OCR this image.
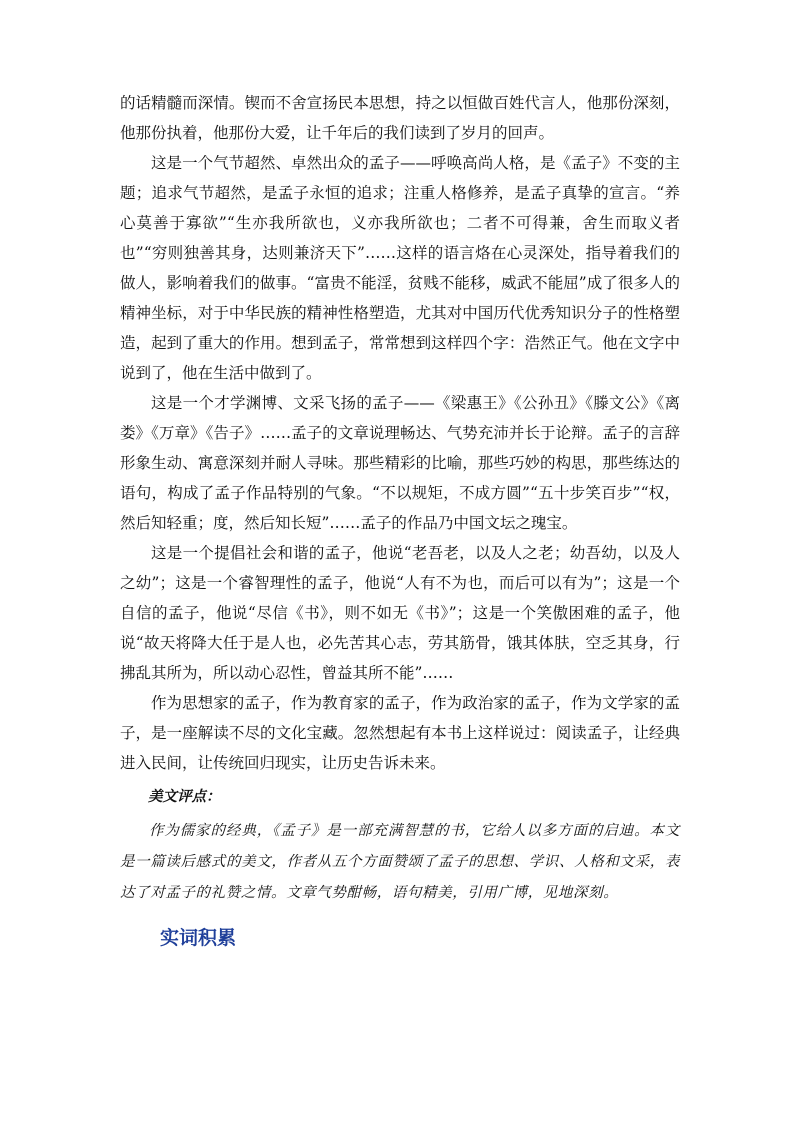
的话精髓而深情。锲而不舍宣扬民本思想，持之以恒做百姓代言人，他那份深刻，他那份执着，他那份大爱，让千年后的我们读到了岁月的回声。

这是一个气节超然、卓然出众的孟子——呼唤高尚人格，是《孟子》不变的主题；追求气节超然，是孟子永恒的追求；注重人格修养，是孟子真挚的宣言。“养心莫善于寡欲”“生亦我所欲也，义亦我所欲也；二者不可得兼，舍生而取义者也”“穷则独善其身，达则兼济天下”……这样的语言烙在心灵深处，指导着我们的做人，影响着我们的做事。“富贵不能淫，贫贱不能移，威武不能屈”成了很多人的精神坐标，对于中华民族的精神性格塑造，尤其对中国历代优秀知识分子的性格塑造，起到了重大的作用。想到孟子，常常想到这样四个字：浩然正气。他在文字中说到了，他在生活中做到了。

这是一个才学渊博、文采飞扬的孟子——《梁惠王》《公孙丑》《滕文公》《离娄》《万章》《告子》……孟子的文章说理畅达、气势充沛并长于论辩。孟子的言辞形象生动、寓意深刻并耐人寻味。那些精彩的比喻，那些巧妙的构思，那些练达的语句，构成了孟子作品特别的气象。“不以规矩，不成方圆”“五十步笑百步”“权，然后知轻重；度，然后知长短”……孟子的作品乃中国文坛之瑰宝。

这是一个提倡社会和谐的孟子，他说“老吾老，以及人之老；幼吾幼，以及人之幼”；这是一个睿智理性的孟子，他说“人有不为也，而后可以有为”；这是一个自信的孟子，他说“尽信《书》，则不如无《书》”；这是一个笑傲困难的孟子，他说“故天将降大任于是人也，必先苦其心志，劳其筋骨，饿其体肤，空乏其身，行拂乱其所为，所以动心忍性，曾益其所不能”……

作为思想家的孟子，作为教育家的孟子，作为政治家的孟子，作为文学家的孟子，是一座解读不尽的文化宝藏。忽然想起有本书上这样说过：阅读孟子，让经典进入民间，让传统回归现实，让历史告诉未来。

美文评点：

作为儒家的经典，《孟子》是一部充满智慧的书，它给人以多方面的启迪。本文是一篇读后感式的美文，作者从五个方面赞颂了孟子的思想、学识、人格和文采，表达了对孟子的礼赞之情。文章气势酣畅，语句精美，引用广博，见地深刻。

实词积累
